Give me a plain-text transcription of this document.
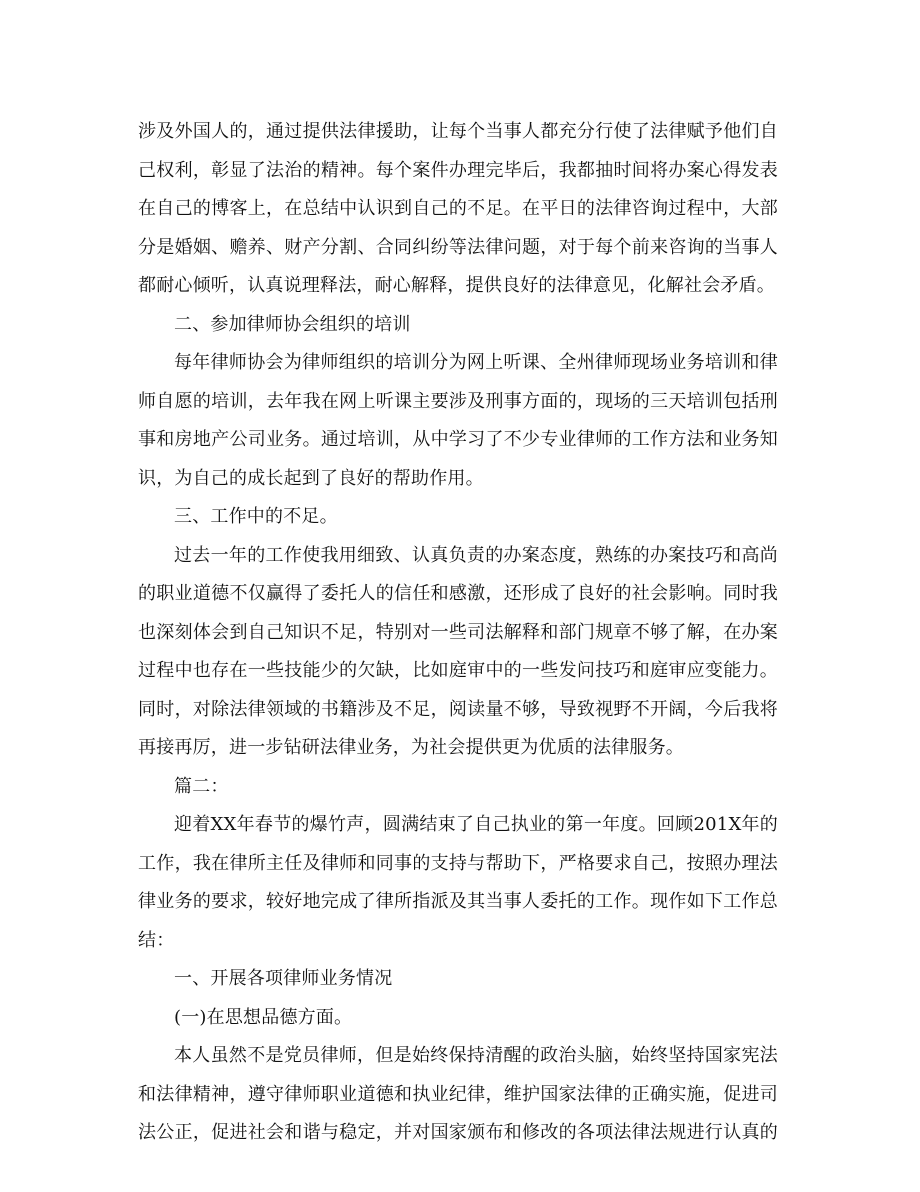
涉及外国人的，通过提供法律援助，让每个当事人都充分行使了法律赋予他们自
己权利，彰显了法治的精神。每个案件办理完毕后，我都抽时间将办案心得发表
在自己的博客上，在总结中认识到自己的不足。在平日的法律咨询过程中，大部
分是婚姻、赡养、财产分割、合同纠纷等法律问题，对于每个前来咨询的当事人
都耐心倾听，认真说理释法，耐心解释，提供良好的法律意见，化解社会矛盾。
二、参加律师协会组织的培训
每年律师协会为律师组织的培训分为网上听课、全州律师现场业务培训和律
师自愿的培训，去年我在网上听课主要涉及刑事方面的，现场的三天培训包括刑
事和房地产公司业务。通过培训，从中学习了不少专业律师的工作方法和业务知
识，为自己的成长起到了良好的帮助作用。
三、工作中的不足。
过去一年的工作使我用细致、认真负责的办案态度，熟练的办案技巧和高尚
的职业道德不仅赢得了委托人的信任和感激，还形成了良好的社会影响。同时我
也深刻体会到自己知识不足，特别对一些司法解释和部门规章不够了解，在办案
过程中也存在一些技能少的欠缺，比如庭审中的一些发问技巧和庭审应变能力。
同时，对除法律领域的书籍涉及不足，阅读量不够，导致视野不开阔，今后我将
再接再厉，进一步钻研法律业务，为社会提供更为优质的法律服务。
篇二：
迎着XX年春节的爆竹声，圆满结束了自己执业的第一年度。回顾201X年的
工作，我在律所主任及律师和同事的支持与帮助下，严格要求自己，按照办理法
律业务的要求，较好地完成了律所指派及其当事人委托的工作。现作如下工作总
结：
一、开展各项律师业务情况
(一)在思想品德方面。
本人虽然不是党员律师，但是始终保持清醒的政治头脑，始终坚持国家宪法
和法律精神，遵守律师职业道德和执业纪律，维护国家法律的正确实施，促进司
法公正，促进社会和谐与稳定，并对国家颁布和修改的各项法律法规进行认真的
